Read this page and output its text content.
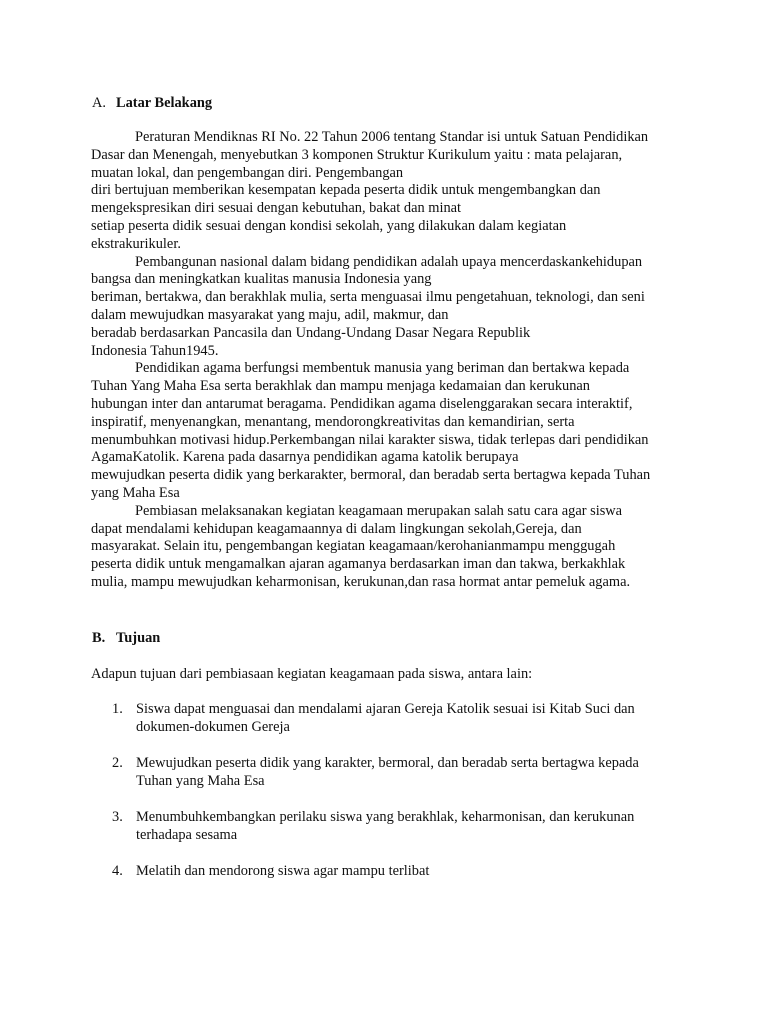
A. Latar Belakang
Peraturan Mendiknas RI No. 22 Tahun 2006 tentang Standar isi untuk Satuan Pendidikan
Dasar dan Menengah, menyebutkan 3 komponen Struktur Kurikulum yaitu : mata pelajaran,
muatan lokal, dan pengembangan diri. Pengembangan
diri bertujuan memberikan kesempatan kepada peserta didik untuk mengembangkan dan
mengekspresikan diri sesuai dengan kebutuhan, bakat dan minat
setiap peserta didik sesuai dengan kondisi sekolah, yang dilakukan dalam kegiatan
ekstrakurikuler.
Pembangunan nasional dalam bidang pendidikan adalah upaya mencerdaskankehidupan
bangsa dan meningkatkan kualitas manusia Indonesia yang
beriman, bertakwa, dan berakhlak mulia, serta menguasai ilmu pengetahuan, teknologi, dan seni
dalam mewujudkan masyarakat yang maju, adil, makmur, dan
beradab berdasarkan Pancasila dan Undang-Undang Dasar Negara Republik
Indonesia Tahun1945.
Pendidikan agama berfungsi membentuk manusia yang beriman dan bertakwa kepada
Tuhan Yang Maha Esa serta berakhlak dan mampu menjaga kedamaian dan kerukunan
hubungan inter dan antarumat beragama. Pendidikan agama diselenggarakan secara interaktif,
inspiratif, menyenangkan, menantang, mendorongkreativitas dan kemandirian, serta
menumbuhkan motivasi hidup.Perkembangan nilai karakter siswa, tidak terlepas dari pendidikan
AgamaKatolik. Karena pada dasarnya pendidikan agama katolik berupaya
mewujudkan peserta didik yang berkarakter, bermoral, dan beradab serta bertagwa kepada Tuhan
yang Maha Esa
Pembiasan melaksanakan kegiatan keagamaan merupakan salah satu cara agar siswa
dapat mendalami kehidupan keagamaannya di dalam lingkungan sekolah,Gereja, dan
masyarakat. Selain itu, pengembangan kegiatan keagamaan/kerohanianmampu menggugah
peserta didik untuk mengamalkan ajaran agamanya berdasarkan iman dan takwa, berkakhlak
mulia, mampu mewujudkan keharmonisan, kerukunan,dan rasa hormat antar pemeluk agama.
B. Tujuan
Adapun tujuan dari pembiasaan kegiatan keagamaan pada siswa, antara lain:
1. Siswa dapat menguasai dan mendalami ajaran Gereja Katolik sesuai isi Kitab Suci dan
dokumen-dokumen Gereja
2. Mewujudkan peserta didik yang karakter, bermoral, dan beradab serta bertagwa kepada
Tuhan yang Maha Esa
3. Menumbuhkembangkan perilaku siswa yang berakhlak, keharmonisan, dan kerukunan
terhadapa sesama
4. Melatih dan mendorong siswa agar mampu terlibat
